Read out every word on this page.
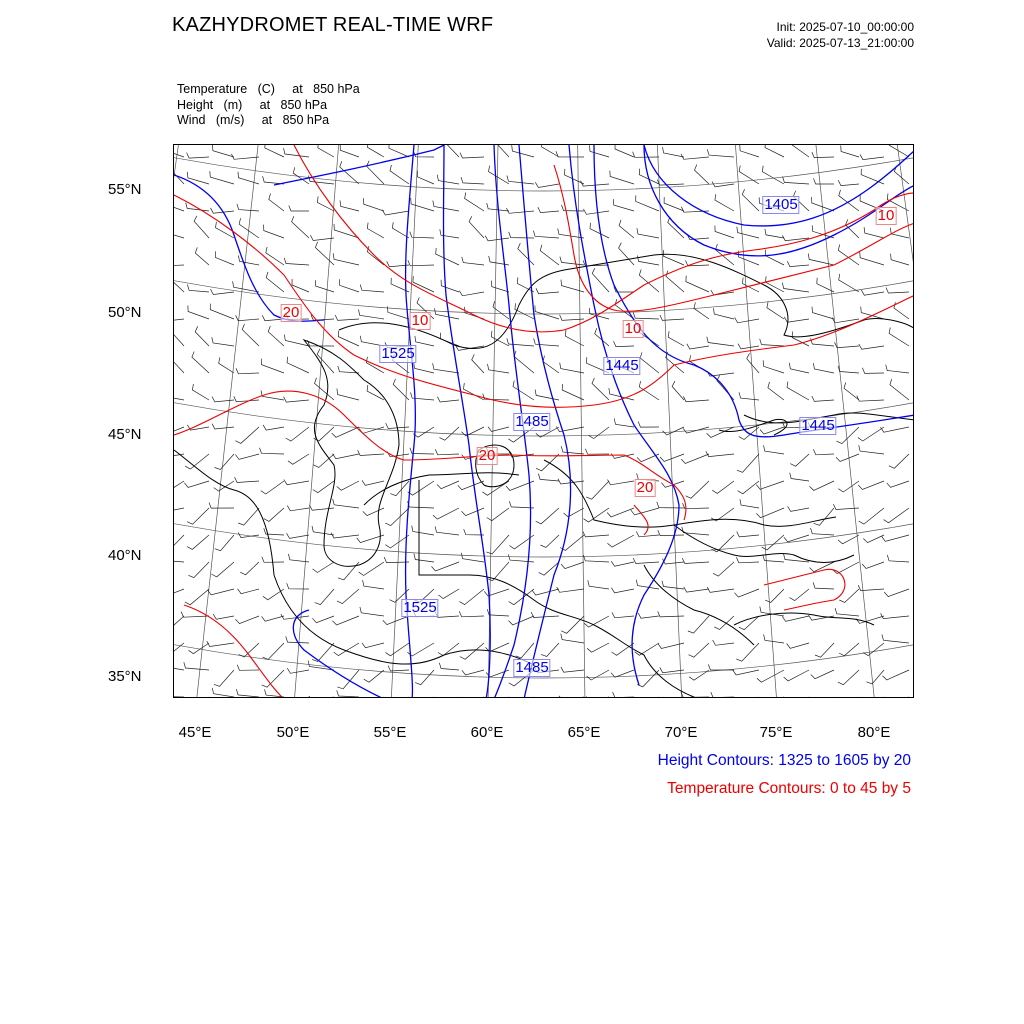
KAZHYDROMET REAL-TIME WRF	Init: 2025-07-10_00:00:00
Valid: 2025-07-13_21:00:00
Temperature   (C)     at   850 hPa
Height   (m)     at   850 hPa
Wind   (m/s)     at   850 hPa
1405
1525
1445
1485	1445
1525
1485
10
20	10	10
20
20
55°N
50°N
45°N
40°N
35°N
45°E	50°E	55°E	60°E	65°E	70°E	75°E	80°E
Height Contours: 1325 to 1605 by 20
Temperature Contours: 0 to 45 by 5
